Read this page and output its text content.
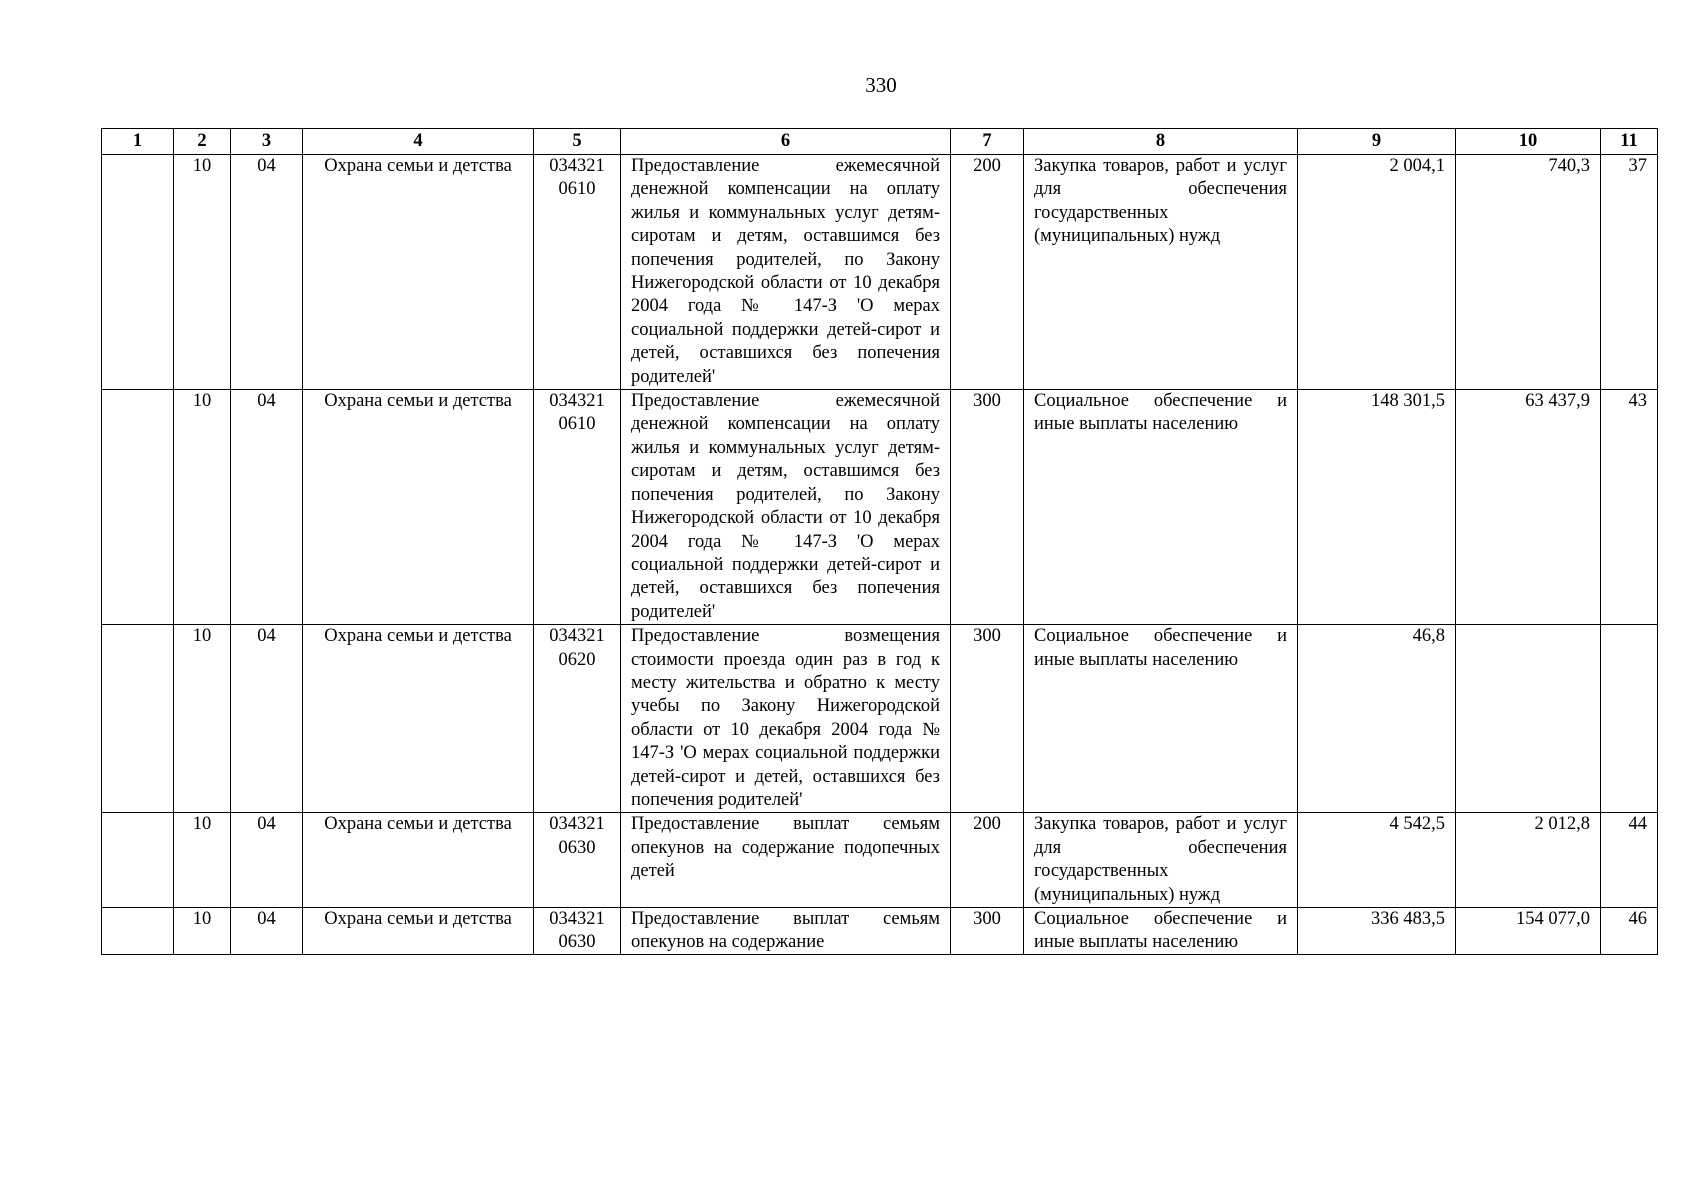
330
1	2	3	4	5	6	7	8	9	10	11
	10	04	Охрана семьи и детства	034321 0610	Предоставление ежемесячной денежной компенсации на оплату жилья и коммунальных услуг детям-сиротам и детям, оставшимся без попечения родителей, по Закону Нижегородской области от 10 декабря 2004 года № 147-З 'О мерах социальной поддержки детей-сирот и детей, оставшихся без попечения родителей'	200	Закупка товаров, работ и услуг для обеспечения государственных (муниципальных) нужд	2 004,1	740,3	37
	10	04	Охрана семьи и детства	034321 0610	Предоставление ежемесячной денежной компенсации на оплату жилья и коммунальных услуг детям-сиротам и детям, оставшимся без попечения родителей, по Закону Нижегородской области от 10 декабря 2004 года № 147-З 'О мерах социальной поддержки детей-сирот и детей, оставшихся без попечения родителей'	300	Социальное обеспечение и иные выплаты населению	148 301,5	63 437,9	43
	10	04	Охрана семьи и детства	034321 0620	Предоставление возмещения стоимости проезда один раз в год к месту жительства и обратно к месту учебы по Закону Нижегородской области от 10 декабря 2004 года № 147-З 'О мерах социальной поддержки детей-сирот и детей, оставшихся без попечения родителей'	300	Социальное обеспечение и иные выплаты населению	46,8		
	10	04	Охрана семьи и детства	034321 0630	Предоставление выплат семьям опекунов на содержание подопечных детей	200	Закупка товаров, работ и услуг для обеспечения государственных (муниципальных) нужд	4 542,5	2 012,8	44

	10	04	Охрана семьи и детства	034321 0630	Предоставление выплат семьям опекунов на содержание	300	Социальное обеспечение и иные выплаты населению	336 483,5	154 077,0	46
